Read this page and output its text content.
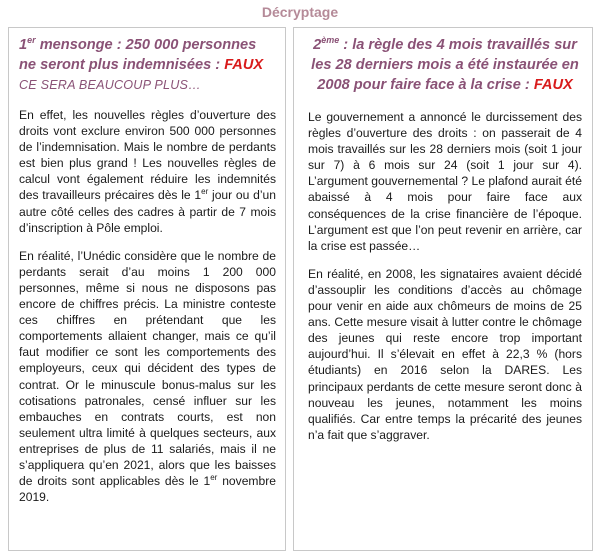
Décryptage
1er mensonge : 250 000 personnes ne seront plus indemnisées : FAUX
CE SERA BEAUCOUP PLUS…

En effet, les nouvelles règles d’ouverture des droits vont exclure environ 500 000 personnes de l’indemnisation. Mais le nombre de perdants est bien plus grand ! Les nouvelles règles de calcul vont également réduire les indemnités des travailleurs précaires dès le 1er jour ou d’un autre côté celles des cadres à partir de 7 mois d’inscription à Pôle emploi.

En réalité, l’Unédic considère que le nombre de perdants serait d’au moins 1 200 000 personnes, même si nous ne disposons pas encore de chiffres précis. La ministre conteste ces chiffres en prétendant que les comportements allaient changer, mais ce qu’il faut modifier ce sont les comportements des employeurs, ceux qui décident des types de contrat. Or le minuscule bonus-malus sur les cotisations patronales, censé influer sur les embauches en contrats courts, est non seulement ultra limité à quelques secteurs, aux entreprises de plus de 11 salariés, mais il ne s’appliquera qu’en 2021, alors que les baisses de droits sont applicables dès le 1er novembre 2019.

2ème : la règle des 4 mois travaillés sur les 28 derniers mois a été instaurée en 2008 pour faire face à la crise : FAUX

Le gouvernement a annoncé le durcissement des règles d’ouverture des droits : on passerait de 4 mois travaillés sur les 28 derniers mois (soit 1 jour sur 7) à 6 mois sur 24 (soit 1 jour sur 4). L’argument gouvernemental ? Le plafond aurait été abaissé à 4 mois pour faire face aux conséquences de la crise financière de l’époque. L’argument est que l’on peut revenir en arrière, car la crise est passée…

En réalité, en 2008, les signataires avaient décidé d’assouplir les conditions d’accès au chômage pour venir en aide aux chômeurs de moins de 25 ans. Cette mesure visait à lutter contre le chômage des jeunes qui reste encore trop important aujourd’hui. Il s’élevait en effet à 22,3 % (hors étudiants) en 2016 selon la DARES. Les principaux perdants de cette mesure seront donc à nouveau les jeunes, notamment les moins qualifiés. Car entre temps la précarité des jeunes n’a fait que s’aggraver.
